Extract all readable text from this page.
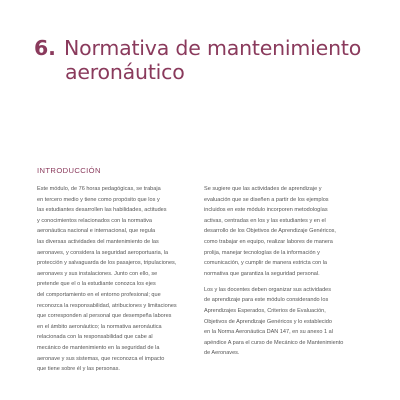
6. Normativa de mantenimiento
aeronáutico
INTRODUCCIÓN

Este módulo, de 76 horas pedagógicas, se trabaja
en tercero medio y tiene como propósito que los y
las estudiantes desarrollen las habilidades, actitudes
y conocimientos relacionados con la normativa
aeronáutica nacional e internacional, que regula
las diversas actividades del mantenimiento de las
aeronaves, y considera la seguridad aeroportuaria, la
protección y salvaguarda de los pasajeros, tripulaciones,
aeronaves y sus instalaciones. Junto con ello, se
pretende que el o la estudiante conozca los ejes
del comportamiento en el entorno profesional; que
reconozca la responsabilidad, atribuciones y limitaciones
que corresponden al personal que desempeña labores
en el ámbito aeronáutico; la normativa aeronáutica
relacionada con la responsabilidad que cabe al
mecánico de mantenimiento en la seguridad de la
aeronave y sus sistemas, que reconozca el impacto
que tiene sobre él y las personas.

Se sugiere que las actividades de aprendizaje y
evaluación que se diseñen a partir de los ejemplos
incluidos en este módulo incorporen metodologías
activas, centradas en los y las estudiantes y en el
desarrollo de los Objetivos de Aprendizaje Genéricos,
como trabajar en equipo, realizar labores de manera
prolija, manejar tecnologías de la información y
comunicación, y cumplir de manera estricta con la
normativa que garantiza la seguridad personal.

Los y las docentes deben organizar sus actividades
de aprendizaje para este módulo considerando los
Aprendizajes Esperados, Criterios de Evaluación,
Objetivos de Aprendizaje Genéricos y lo establecido
en la Norma Aeronáutica DAN 147, en su anexo 1 al
apéndice A para el curso de Mecánico de Mantenimiento
de Aeronaves.
